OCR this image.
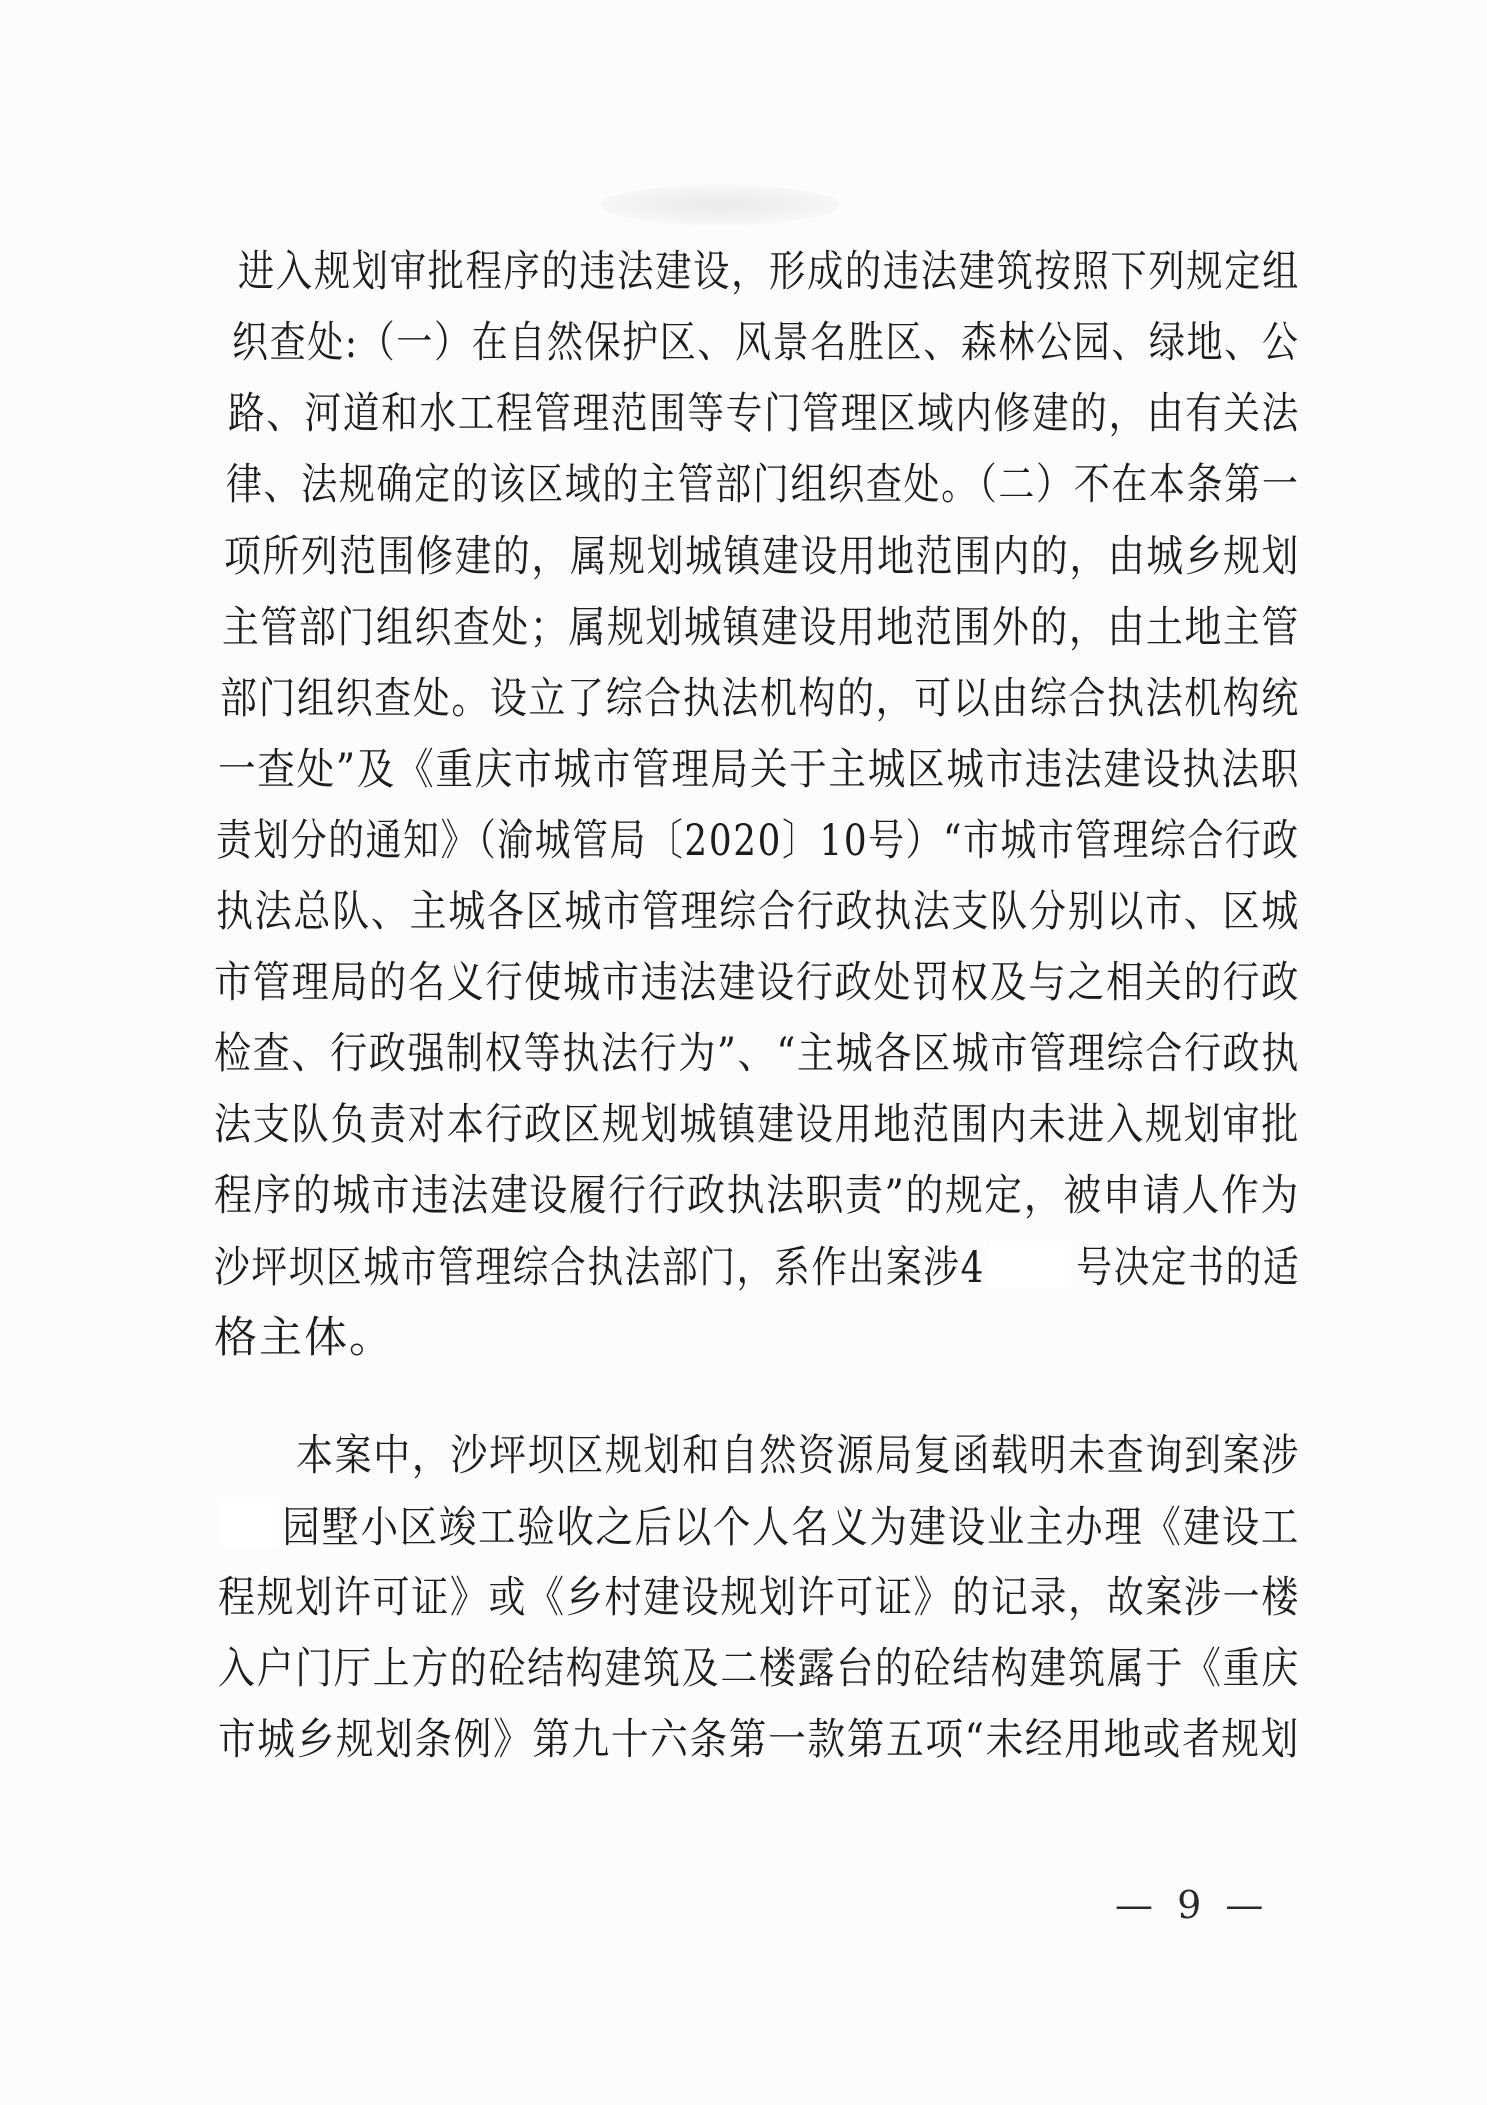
进入规划审批程序的违法建设，形成的违法建筑按照下列规定组
织查处:（一）在自然保护区、风景名胜区、森林公园、绿地、公
路、河道和水工程管理范围等专门管理区域内修建的，由有关法
律、法规确定的该区域的主管部门组织查处。（二）不在本条第一
项所列范围修建的，属规划城镇建设用地范围内的，由城乡规划
主管部门组织查处；属规划城镇建设用地范围外的，由土地主管
部门组织查处。设立了综合执法机构的，可以由综合执法机构统
一查处”及《重庆市城市管理局关于主城区城市违法建设执法职
责划分的通知》（渝城管局〔2020〕10号）“市城市管理综合行政
执法总队、主城各区城市管理综合行政执法支队分别以市、区城
市管理局的名义行使城市违法建设行政处罚权及与之相关的行政
检查、行政强制权等执法行为”、“主城各区城市管理综合行政执
法支队负责对本行政区规划城镇建设用地范围内未进入规划审批
程序的城市违法建设履行行政执法职责”的规定，被申请人作为
沙坪坝区城市管理综合执法部门，系作出案涉4 号决定书的适
格主体。
本案中，沙坪坝区规划和自然资源局复函载明未查询到案涉
园墅小区竣工验收之后以个人名义为建设业主办理《建设工
程规划许可证》或《乡村建设规划许可证》的记录，故案涉一楼
入户门厅上方的砼结构建筑及二楼露台的砼结构建筑属于《重庆
市城乡规划条例》第九十六条第一款第五项“未经用地或者规划
— 9 —
